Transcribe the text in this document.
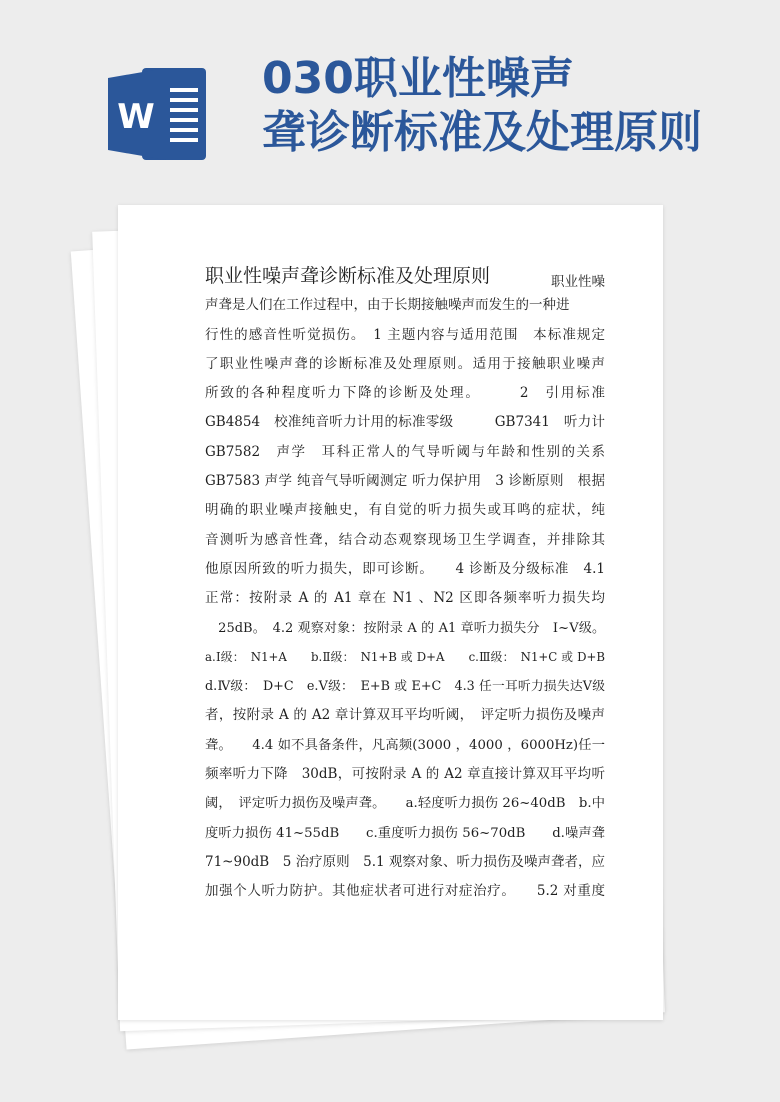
W
030职业性噪声
聋诊断标准及处理原则
职业性噪声聋诊断标准及处理原则	职业性噪
声聋是人们在工作过程中，由于长期接触噪声而发生的一种进
行性的感音性听觉损伤。　1 主题内容与适用范围　本标准规定
了职业性噪声聋的诊断标准及处理原则。适用于接触职业噪声
所致的各种程度听力下降的诊断及处理。　　　2　引用标准
GB4854　校准纯音听力计用的标准零级　　　GB7341　听力计
GB7582　声学　耳科正常人的气导听阈与年龄和性别的关系
GB7583 声学 纯音气导听阈测定 听力保护用　3 诊断原则　根据
明确的职业噪声接触史，有自觉的听力损失或耳鸣的症状，纯
音测听为感音性聋，结合动态观察现场卫生学调查，并排除其
他原因所致的听力损失，即可诊断。　　4 诊断及分级标准　4.1
正常：按附录 A 的 A1 章在 N1 、N2 区即各频率听力损失均
　25dB。　4.2 观察对象：按附录 A 的 A1 章听力损失分　Ⅰ~Ⅴ级。
a.Ⅰ级：　N1+A　　b.Ⅱ级：　N1+B 或 D+A　　c.Ⅲ级：　N1+C 或 D+B
d.Ⅳ级：　D+C　e.Ⅴ级：　E+B 或 E+C　4.3 任一耳听力损失达Ⅴ级
者，按附录 A 的 A2 章计算双耳平均听阈，　评定听力损伤及噪声
聋。　　4.4 如不具备条件，凡高频(3000 ，4000 ，6000Hz)任一
频率听力下降　30dB，可按附录 A 的 A2 章直接计算双耳平均听
阈，　评定听力损伤及噪声聋。　　a.轻度听力损伤 26~40dB　b.中
度听力损伤 41~55dB　　c.重度听力损伤 56~70dB　　d.噪声聋
71~90dB　5 治疗原则　5.1 观察对象、听力损伤及噪声聋者，应
加强个人听力防护。其他症状者可进行对症治疗。　　5.2 对重度
